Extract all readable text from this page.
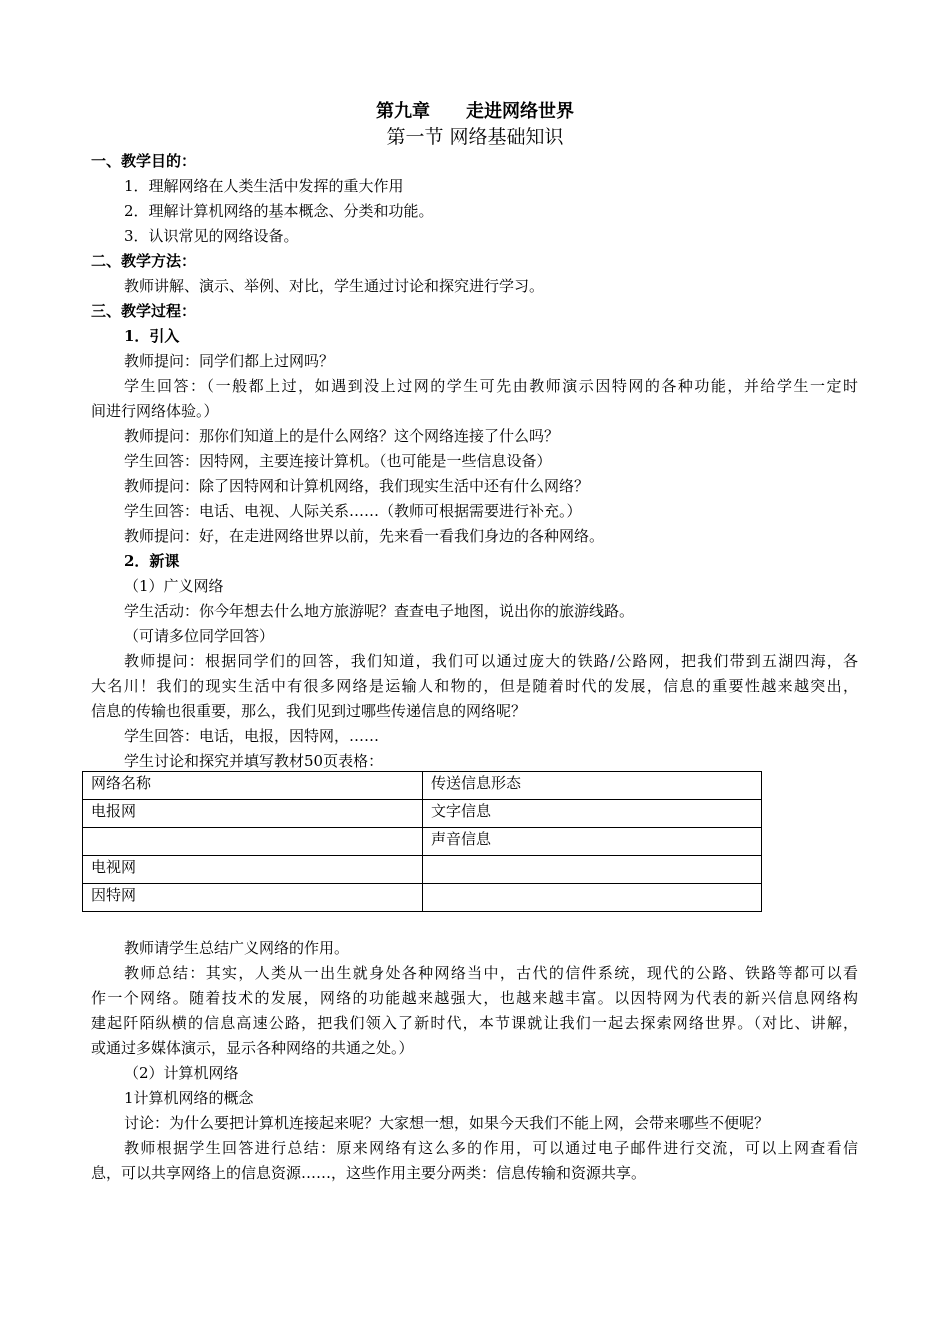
第九章 走进网络世界
第一节 网络基础知识
一、教学目的：
1．理解网络在人类生活中发挥的重大作用
2．理解计算机网络的基本概念、分类和功能。
3．认识常见的网络设备。
二、教学方法：
教师讲解、演示、举例、对比，学生通过讨论和探究进行学习。
三、教学过程：
1．引入
教师提问：同学们都上过网吗？
学生回答：（一般都上过，如遇到没上过网的学生可先由教师演示因特网的各种功能，并给学生一定时
间进行网络体验。）
教师提问：那你们知道上的是什么网络？这个网络连接了什么吗？
学生回答：因特网，主要连接计算机。（也可能是一些信息设备）
教师提问：除了因特网和计算机网络，我们现实生活中还有什么网络？
学生回答：电话、电视、人际关系……（教师可根据需要进行补充。）
教师提问：好，在走进网络世界以前，先来看一看我们身边的各种网络。
2．新课
（1）广义网络
学生活动：你今年想去什么地方旅游呢？查查电子地图，说出你的旅游线路。
（可请多位同学回答）
教师提问：根据同学们的回答，我们知道，我们可以通过庞大的铁路/公路网，把我们带到五湖四海，各
大名川！我们的现实生活中有很多网络是运输人和物的，但是随着时代的发展，信息的重要性越来越突出，
信息的传输也很重要，那么，我们见到过哪些传递信息的网络呢？
学生回答：电话，电报，因特网，……
学生讨论和探究并填写教材50页表格：
网络名称	传送信息形态
电报网	文字信息
	声音信息
电视网	
因特网	
教师请学生总结广义网络的作用。
教师总结：其实，人类从一出生就身处各种网络当中，古代的信件系统，现代的公路、铁路等都可以看
作一个网络。随着技术的发展，网络的功能越来越强大，也越来越丰富。以因特网为代表的新兴信息网络构
建起阡陌纵横的信息高速公路，把我们领入了新时代，本节课就让我们一起去探索网络世界。（对比、讲解，
或通过多媒体演示，显示各种网络的共通之处。）
（2）计算机网络
1计算机网络的概念
讨论：为什么要把计算机连接起来呢？大家想一想，如果今天我们不能上网，会带来哪些不便呢？
教师根据学生回答进行总结：原来网络有这么多的作用，可以通过电子邮件进行交流，可以上网查看信
息，可以共享网络上的信息资源……，这些作用主要分两类：信息传输和资源共享。
